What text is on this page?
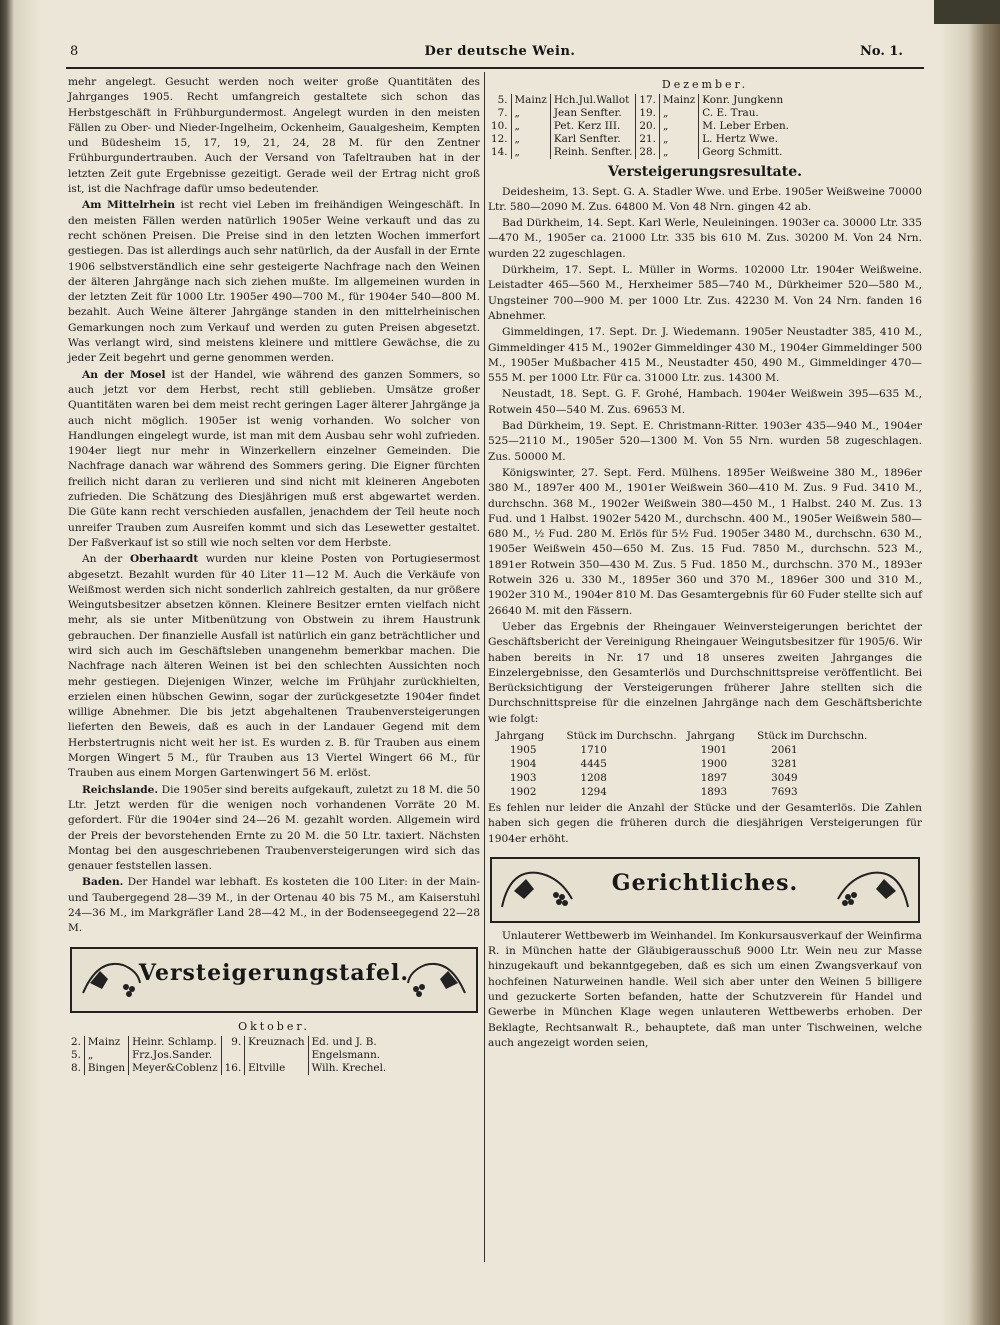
8	Der deutsche Wein.	No. 1.

mehr angelegt. Gesucht werden noch weiter große Quantitäten des Jahrganges 1905. Recht umfangreich gestaltete sich schon das Herbstgeschäft in Frühburgundermost. Angelegt wurden in den meisten Fällen zu Ober- und Nieder-Ingelheim, Ockenheim, Gaualgesheim, Kempten und Büdesheim 15, 17, 19, 21, 24, 28 M. für den Zentner Frühburgundertrauben. Auch der Versand von Tafeltrauben hat in der letzten Zeit gute Ergebnisse gezeitigt. Gerade weil der Ertrag nicht groß ist, ist die Nachfrage dafür umso bedeutender.

Am Mittelrhein ist recht viel Leben im freihändigen Weingeschäft. In den meisten Fällen werden natürlich 1905er Weine verkauft und das zu recht schönen Preisen. Die Preise sind in den letzten Wochen immerfort gestiegen. Das ist allerdings auch sehr natürlich, da der Ausfall in der Ernte 1906 selbstverständlich eine sehr gesteigerte Nachfrage nach den Weinen der älteren Jahrgänge nach sich ziehen mußte. Im allgemeinen wurden in der letzten Zeit für 1000 Ltr. 1905er 490—700 M., für 1904er 540—800 M. bezahlt. Auch Weine älterer Jahrgänge standen in den mittelrheinischen Gemarkungen noch zum Verkauf und werden zu guten Preisen abgesetzt. Was verlangt wird, sind meistens kleinere und mittlere Gewächse, die zu jeder Zeit begehrt und gerne genommen werden.

An der Mosel ist der Handel, wie während des ganzen Sommers, so auch jetzt vor dem Herbst, recht still geblieben. Umsätze großer Quantitäten waren bei dem meist recht geringen Lager älterer Jahrgänge ja auch nicht möglich. 1905er ist wenig vorhanden. Wo solcher von Handlungen eingelegt wurde, ist man mit dem Ausbau sehr wohl zufrieden. 1904er liegt nur mehr in Winzerkellern einzelner Gemeinden. Die Nachfrage danach war während des Sommers gering. Die Eigner fürchten freilich nicht daran zu verlieren und sind nicht mit kleineren Angeboten zufrieden. Die Schätzung des Diesjährigen muß erst abgewartet werden. Die Güte kann recht verschieden ausfallen, jenachdem der Teil heute noch unreifer Trauben zum Ausreifen kommt und sich das Lesewetter gestaltet. Der Faßverkauf ist so still wie noch selten vor dem Herbste.

An der Oberhaardt wurden nur kleine Posten von Portugiesermost abgesetzt. Bezahlt wurden für 40 Liter 11—12 M. Auch die Verkäufe von Weißmost werden sich nicht sonderlich zahlreich gestalten, da nur größere Weingutsbesitzer absetzen können. Kleinere Besitzer ernten vielfach nicht mehr, als sie unter Mitbenützung von Obstwein zu ihrem Haustrunk gebrauchen. Der finanzielle Ausfall ist natürlich ein ganz beträchtlicher und wird sich auch im Geschäftsleben unangenehm bemerkbar machen. Die Nachfrage nach älteren Weinen ist bei den schlechten Aussichten noch mehr gestiegen. Diejenigen Winzer, welche im Frühjahr zurückhielten, erzielen einen hübschen Gewinn, sogar der zurückgesetzte 1904er findet willige Abnehmer. Die bis jetzt abgehaltenen Traubenversteigerungen lieferten den Beweis, daß es auch in der Landauer Gegend mit dem Herbstertrugnis nicht weit her ist. Es wurden z. B. für Trauben aus einem Morgen Wingert 5 M., für Trauben aus 13 Viertel Wingert 66 M., für Trauben aus einem Morgen Gartenwingert 56 M. erlöst.

Reichslande. Die 1905er sind bereits aufgekauft, zuletzt zu 18 M. die 50 Ltr. Jetzt werden für die wenigen noch vorhandenen Vorräte 20 M. gefordert. Für die 1904er sind 24—26 M. gezahlt worden. Allgemein wird der Preis der bevorstehenden Ernte zu 20 M. die 50 Ltr. taxiert. Nächsten Montag bei den ausgeschriebenen Traubenversteigerungen wird sich das genauer feststellen lassen.

Baden. Der Handel war lebhaft. Es kosteten die 100 Liter: in der Main- und Taubergegend 28—39 M., in der Ortenau 40 bis 75 M., am Kaiserstuhl 24—36 M., im Markgräfler Land 28—42 M., in der Bodenseegegend 22—28 M.

Versteigerungstafel.
Oktober.
2.	Mainz	Heinr. Schlamp.	9.	Kreuznach	Ed. und J. B.
5.	„	Frz.Jos.Sander.			Engelsmann.
8.	Bingen	Meyer&Coblenz	16.	Eltville	Wilh. Krechel.
Dezember.
5.	Mainz	Hch.Jul.Wallot	17.	Mainz	Konr. Jungkenn
7.	„	Jean Senfter.	19.	„	C. E. Trau.
10.	„	Pet. Kerz III.	20.	„	M. Leber Erben.
12.	„	Karl Senfter.	21.	„	L. Hertz Wwe.
14.	„	Reinh. Senfter.	28.	„	Georg Schmitt.
Versteigerungsresultate.

Deidesheim, 13. Sept. G. A. Stadler Wwe. und Erbe. 1905er Weißweine 70000 Ltr. 580—2090 M. Zus. 64800 M. Von 48 Nrn. gingen 42 ab.

Bad Dürkheim, 14. Sept. Karl Werle, Neuleiningen. 1903er ca. 30000 Ltr. 335—470 M., 1905er ca. 21000 Ltr. 335 bis 610 M. Zus. 30200 M. Von 24 Nrn. wurden 22 zugeschlagen.

Dürkheim, 17. Sept. L. Müller in Worms. 102000 Ltr. 1904er Weißweine. Leistadter 465—560 M., Herxheimer 585—740 M., Dürkheimer 520—580 M., Ungsteiner 700—900 M. per 1000 Ltr. Zus. 42230 M. Von 24 Nrn. fanden 16 Abnehmer.

Gimmeldingen, 17. Sept. Dr. J. Wiedemann. 1905er Neustadter 385, 410 M., Gimmeldinger 415 M., 1902er Gimmeldinger 430 M., 1904er Gimmeldinger 500 M., 1905er Mußbacher 415 M., Neustadter 450, 490 M., Gimmeldinger 470—555 M. per 1000 Ltr. Für ca. 31000 Ltr. zus. 14300 M.

Neustadt, 18. Sept. G. F. Grohé, Hambach. 1904er Weißwein 395—635 M., Rotwein 450—540 M. Zus. 69653 M.

Bad Dürkheim, 19. Sept. E. Christmann-Ritter. 1903er 435—940 M., 1904er 525—2110 M., 1905er 520—1300 M. Von 55 Nrn. wurden 58 zugeschlagen. Zus. 50000 M.

Königswinter, 27. Sept. Ferd. Mülhens. 1895er Weißweine 380 M., 1896er 380 M., 1897er 400 M., 1901er Weißwein 360—410 M. Zus. 9 Fud. 3410 M., durchschn. 368 M., 1902er Weißwein 380—450 M., 1 Halbst. 240 M. Zus. 13 Fud. und 1 Halbst. 1902er 5420 M., durchschn. 400 M., 1905er Weißwein 580—680 M., ½ Fud. 280 M. Erlös für 5½ Fud. 1905er 3480 M., durchschn. 630 M., 1905er Weißwein 450—650 M. Zus. 15 Fud. 7850 M., durchschn. 523 M., 1891er Rotwein 350—430 M. Zus. 5 Fud. 1850 M., durchschn. 370 M., 1893er Rotwein 326 u. 330 M., 1895er 360 und 370 M., 1896er 300 und 310 M., 1902er 310 M., 1904er 810 M. Das Gesamtergebnis für 60 Fuder stellte sich auf 26640 M. mit den Fässern.

Ueber das Ergebnis der Rheingauer Weinversteigerungen berichtet der Geschäftsbericht der Vereinigung Rheingauer Weingutsbesitzer für 1905/6. Wir haben bereits in Nr. 17 und 18 unseres zweiten Jahrganges die Einzelergebnisse, den Gesamterlös und Durchschnittspreise veröffentlicht. Bei Berücksichtigung der Versteigerungen früherer Jahre stellten sich die Durchschnittspreise für die einzelnen Jahrgänge nach dem Geschäftsberichte wie folgt:

Jahrgang	Stück im Durchschn.	Jahrgang	Stück im Durchschn.
1905	1710	1901	2061
1904	4445	1900	3281
1903	1208	1897	3049
1902	1294	1893	7693

Es fehlen nur leider die Anzahl der Stücke und der Gesamterlös. Die Zahlen haben sich gegen die früheren durch die diesjährigen Versteigerungen für 1904er erhöht.

Gerichtliches.

Unlauterer Wettbewerb im Weinhandel. Im Konkursausverkauf der Weinfirma R. in München hatte der Gläubigerausschuß 9000 Ltr. Wein neu zur Masse hinzugekauft und bekanntgegeben, daß es sich um einen Zwangsverkauf von hochfeinen Naturweinen handle. Weil sich aber unter den Weinen 5 billigere und gezuckerte Sorten befanden, hatte der Schutzverein für Handel und Gewerbe in München Klage wegen unlauteren Wettbewerbs erhoben. Der Beklagte, Rechtsanwalt R., behauptete, daß man unter Tischweinen, welche auch angezeigt worden seien,
